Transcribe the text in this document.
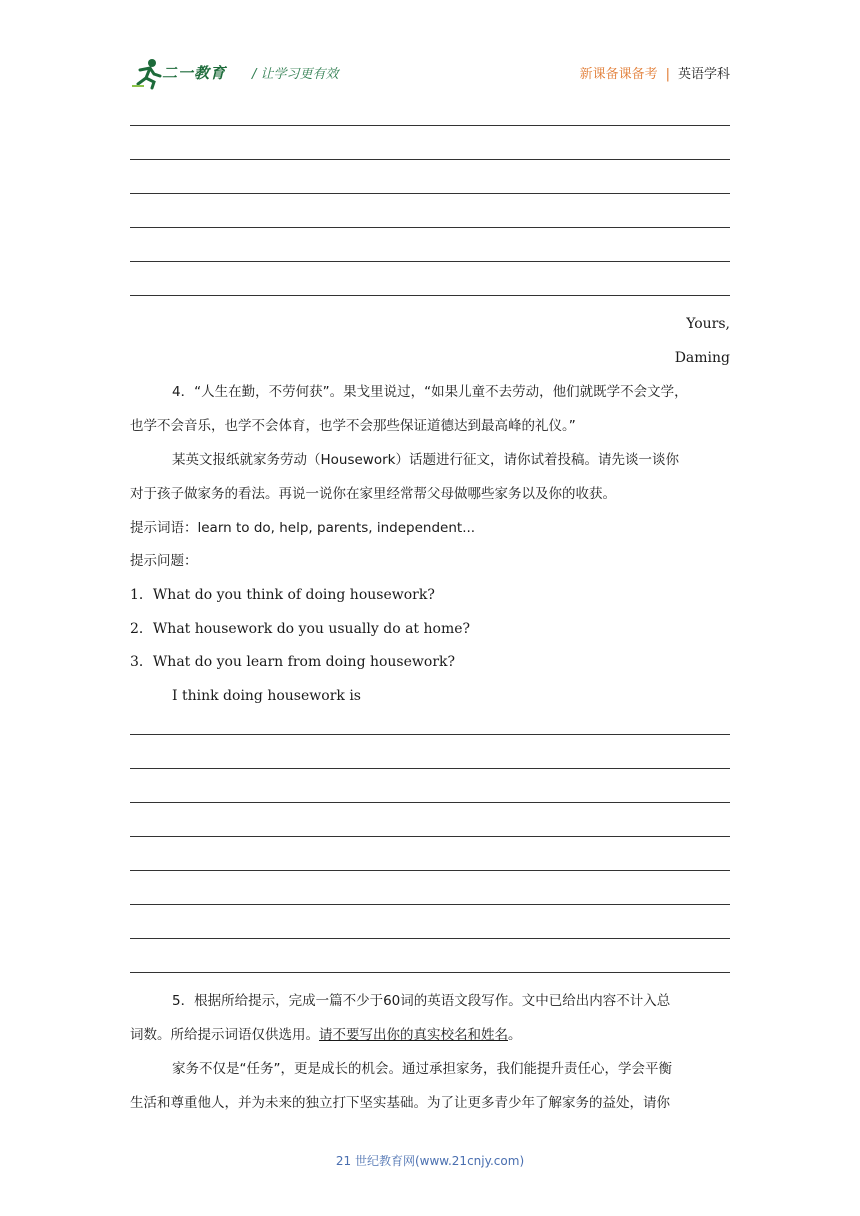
二一教育 / 让学习更有效	新课备课备考 | 英语学科
Yours,
Daming
4．“人生在勤，不劳何获”。果戈里说过，“如果儿童不去劳动，他们就既学不会文学，
也学不会音乐，也学不会体育，也学不会那些保证道德达到最高峰的礼仪。”
某英文报纸就家务劳动（Housework）话题进行征文，请你试着投稿。请先谈一谈你
对于孩子做家务的看法。再说一说你在家里经常帮父母做哪些家务以及你的收获。
提示词语：learn to do, help, parents, independent...
提示问题：
1．What do you think of doing housework?
2．What housework do you usually do at home?
3．What do you learn from doing housework?
I think doing housework is
5．根据所给提示，完成一篇不少于60词的英语文段写作。文中已给出内容不计入总
词数。所给提示词语仅供选用。请不要写出你的真实校名和姓名。
家务不仅是“任务”，更是成长的机会。通过承担家务，我们能提升责任心，学会平衡
生活和尊重他人，并为未来的独立打下坚实基础。为了让更多青少年了解家务的益处，请你
21 世纪教育网(www.21cnjy.com)
